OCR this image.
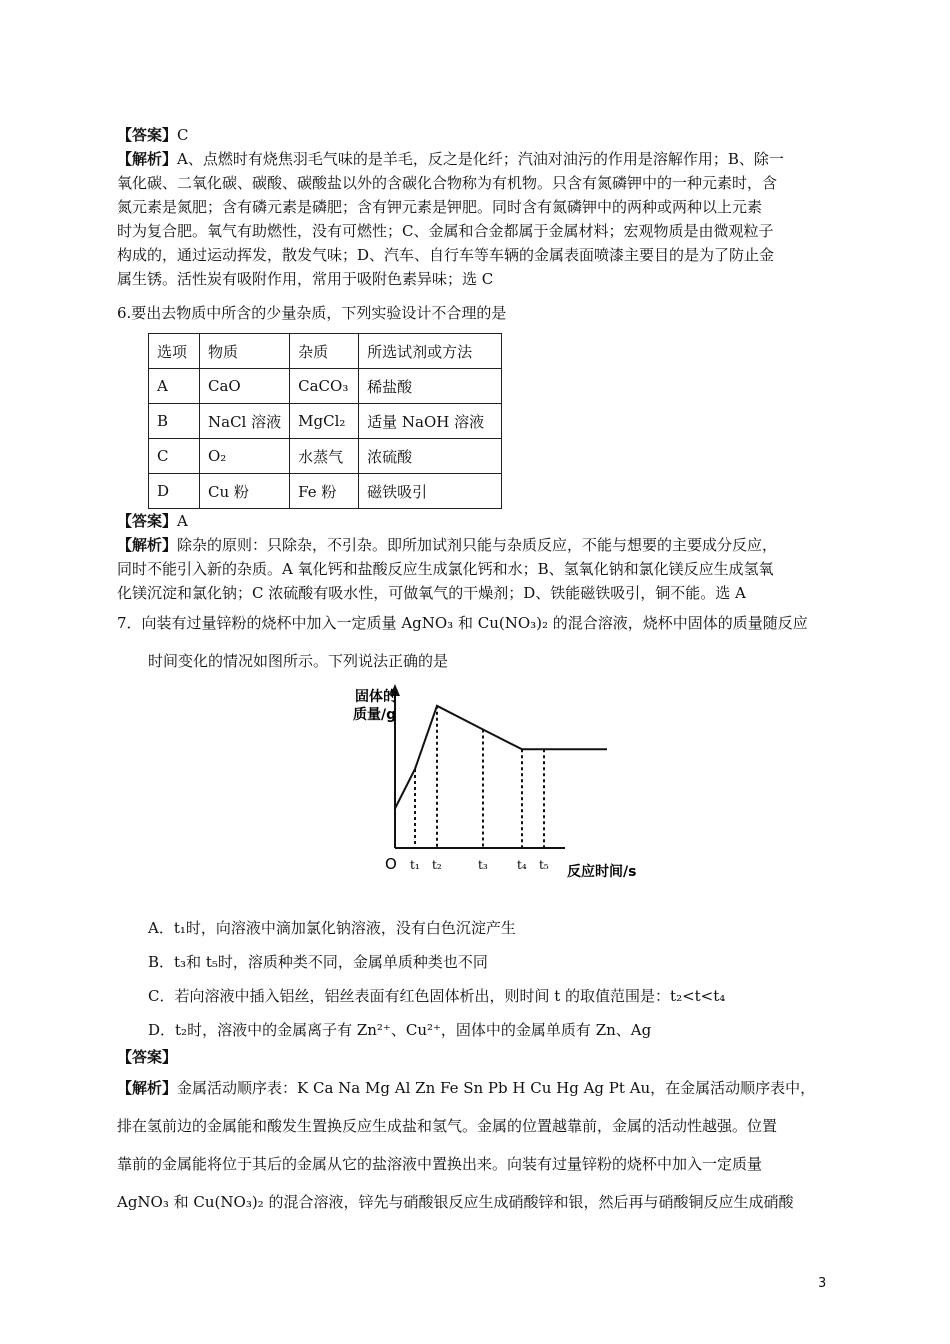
【答案】C
【解析】A、点燃时有烧焦羽毛气味的是羊毛，反之是化纤；汽油对油污的作用是溶解作用；B、除一
氧化碳、二氧化碳、碳酸、碳酸盐以外的含碳化合物称为有机物。只含有氮磷钾中的一种元素时，含
氮元素是氮肥；含有磷元素是磷肥；含有钾元素是钾肥。同时含有氮磷钾中的两种或两种以上元素
时为复合肥。氧气有助燃性，没有可燃性；C、金属和合金都属于金属材料；宏观物质是由微观粒子
构成的，通过运动挥发，散发气味；D、汽车、自行车等车辆的金属表面喷漆主要目的是为了防止金
属生锈。活性炭有吸附作用，常用于吸附色素异味；选 C
6.要出去物质中所含的少量杂质，下列实验设计不合理的是
选项	物质	杂质	所选试剂或方法
A	CaO	CaCO₃	稀盐酸
B	NaCl 溶液	MgCl₂	适量 NaOH 溶液
C	O₂	水蒸气	浓硫酸
D	Cu 粉	Fe 粉	磁铁吸引
【答案】A
【解析】除杂的原则：只除杂，不引杂。即所加试剂只能与杂质反应，不能与想要的主要成分反应，
同时不能引入新的杂质。A 氧化钙和盐酸反应生成氯化钙和水；B、氢氧化钠和氯化镁反应生成氢氧
化镁沉淀和氯化钠；C 浓硫酸有吸水性，可做氧气的干燥剂；D、铁能磁铁吸引，铜不能。选 A
7．向装有过量锌粉的烧杯中加入一定质量 AgNO₃ 和 Cu(NO₃)₂ 的混合溶液，烧杯中固体的质量随反应
时间变化的情况如图所示。下列说法正确的是
固体的
质量/g
O	反应时间/s
t₁ t₂	t₃ t₄ t₅
A．t₁时，向溶液中滴加氯化钠溶液，没有白色沉淀产生
B．t₃和 t₅时，溶质种类不同，金属单质种类也不同
C．若向溶液中插入铝丝，铝丝表面有红色固体析出，则时间 t 的取值范围是：t₂<t<t₄
D．t₂时，溶液中的金属离子有 Zn²⁺、Cu²⁺，固体中的金属单质有 Zn、Ag
【答案】
【解析】金属活动顺序表：K Ca Na Mg Al Zn Fe Sn Pb H Cu Hg Ag Pt Au，在金属活动顺序表中，
排在氢前边的金属能和酸发生置换反应生成盐和氢气。金属的位置越靠前，金属的活动性越强。位置
靠前的金属能将位于其后的金属从它的盐溶液中置换出来。向装有过量锌粉的烧杯中加入一定质量
AgNO₃ 和 Cu(NO₃)₂ 的混合溶液，锌先与硝酸银反应生成硝酸锌和银，然后再与硝酸铜反应生成硝酸
3
